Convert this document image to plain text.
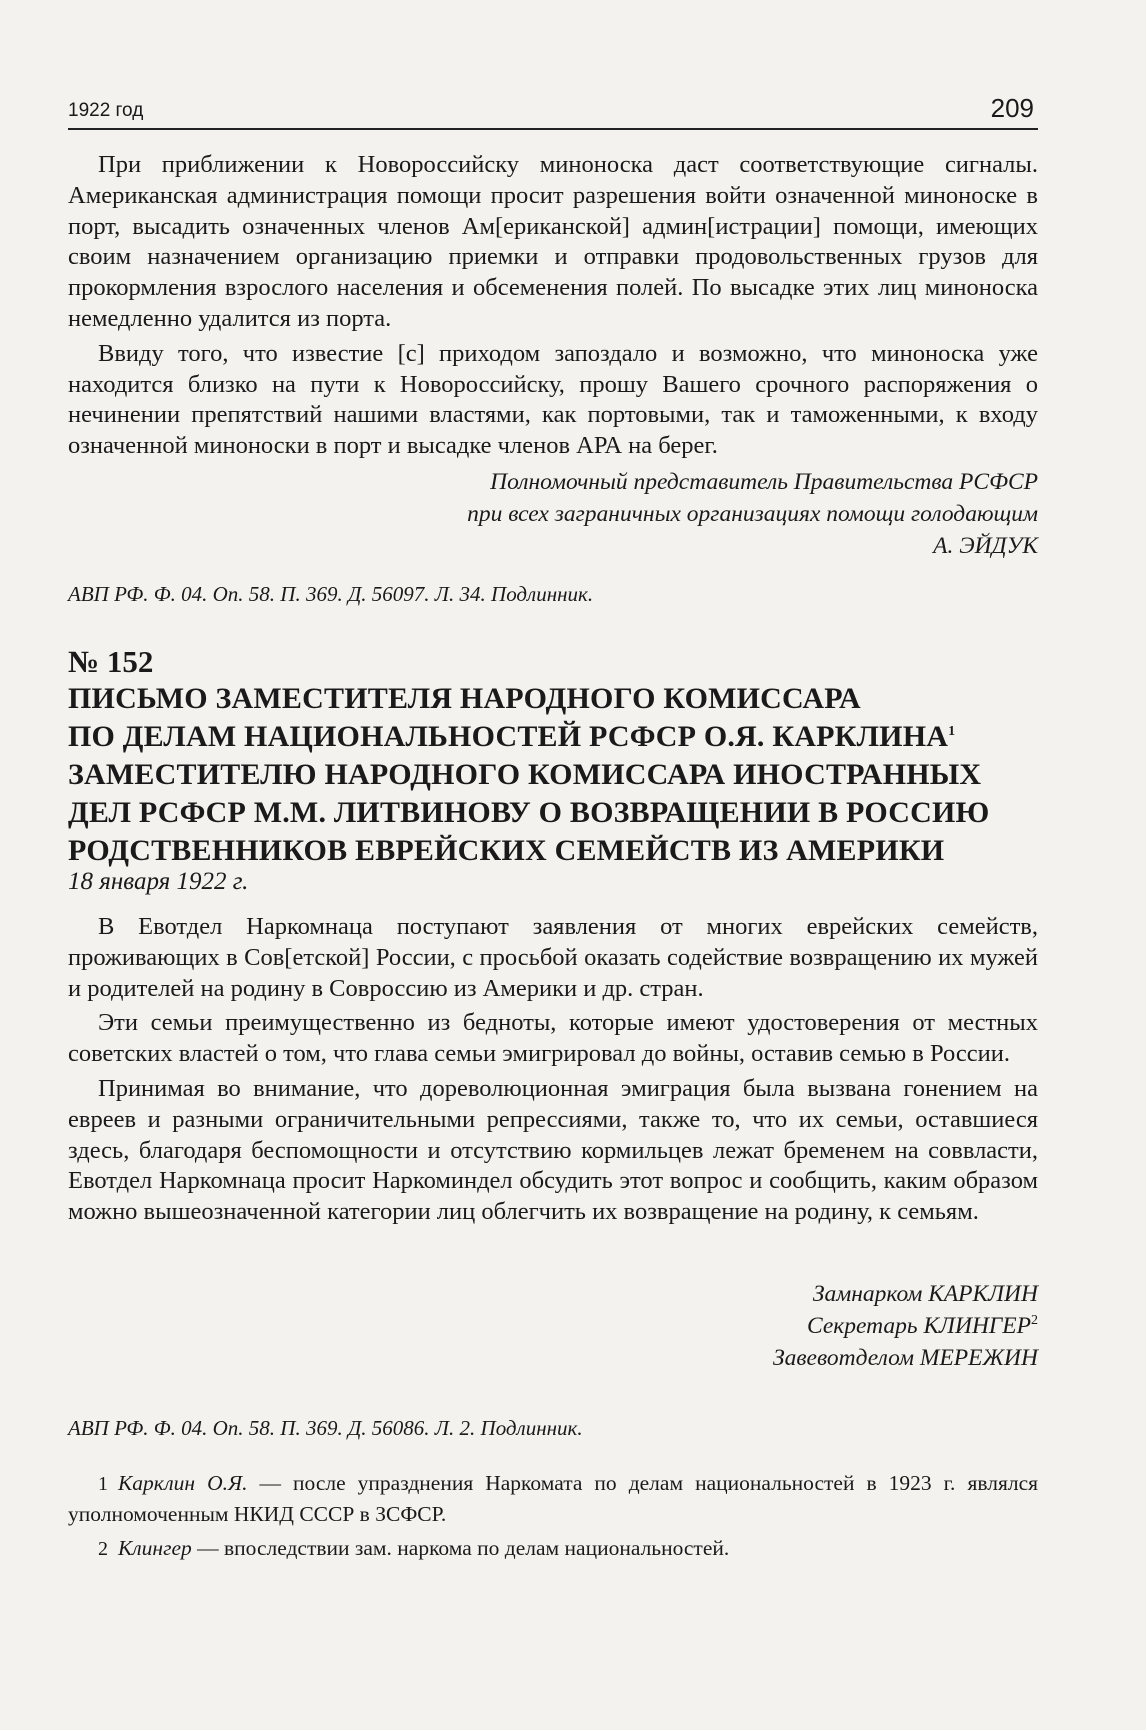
1922 год	209

При приближении к Новороссийску миноноска даст соответствующие сигналы. Американская администрация помощи просит разрешения войти означенной миноноске в порт, высадить означенных членов Ам[ериканской] админ[истрации] помощи, имеющих своим назначением организацию приемки и отправки продовольственных грузов для прокормления взрослого населения и обсеменения полей. По высадке этих лиц миноноска немедленно удалится из порта.

Ввиду того, что известие [с] приходом запоздало и возможно, что миноноска уже находится близко на пути к Новороссийску, прошу Вашего срочного распоряжения о нечинении препятствий нашими властями, как портовыми, так и таможенными, к входу означенной миноноски в порт и высадке членов АРА на берег.

Полномочный представитель Правительства РСФСР
при всех заграничных организациях помощи голодающим
А. ЭЙДУК
АВП РФ. Ф. 04. Оп. 58. П. 369. Д. 56097. Л. 34. Подлинник.
№ 152
ПИСЬМО ЗАМЕСТИТЕЛЯ НАРОДНОГО КОМИССАРА
ПО ДЕЛАМ НАЦИОНАЛЬНОСТЕЙ РСФСР О.Я. КАРКЛИНА$^1$
ЗАМЕСТИТЕЛЮ НАРОДНОГО КОМИССАРА ИНОСТРАННЫХ
ДЕЛ РСФСР М.М. ЛИТВИНОВУ О ВОЗВРАЩЕНИИ В РОССИЮ
РОДСТВЕННИКОВ ЕВРЕЙСКИХ СЕМЕЙСТВ ИЗ АМЕРИКИ
18 января 1922 г.

В Евотдел Наркомнаца поступают заявления от многих еврейских семейств, проживающих в Сов[етской] России, с просьбой оказать содействие возвращению их мужей и родителей на родину в Совроссию из Америки и др. стран.

Эти семьи преимущественно из бедноты, которые имеют удостоверения от местных советских властей о том, что глава семьи эмигрировал до войны, оставив семью в России.

Принимая во внимание, что дореволюционная эмиграция была вызвана гонением на евреев и разными ограничительными репрессиями, также то, что их семьи, оставшиеся здесь, благодаря беспомощности и отсутствию кормильцев лежат бременем на соввласти, Евотдел Наркомнаца просит Наркоминдел обсудить этот вопрос и сообщить, каким образом можно вышеозначенной категории лиц облегчить их возвращение на родину, к семьям.

Замнарком КАРКЛИН
Секретарь КЛИНГЕР$^2$
Завевотделом МЕРЕЖИН
АВП РФ. Ф. 04. Оп. 58. П. 369. Д. 56086. Л. 2. Подлинник.
1 Карклин О.Я. — после упразднения Наркомата по делам национальностей в 1923 г. являлся уполномоченным НКИД СССР в ЗСФСР.
2 Клингер — впоследствии зам. наркома по делам национальностей.
